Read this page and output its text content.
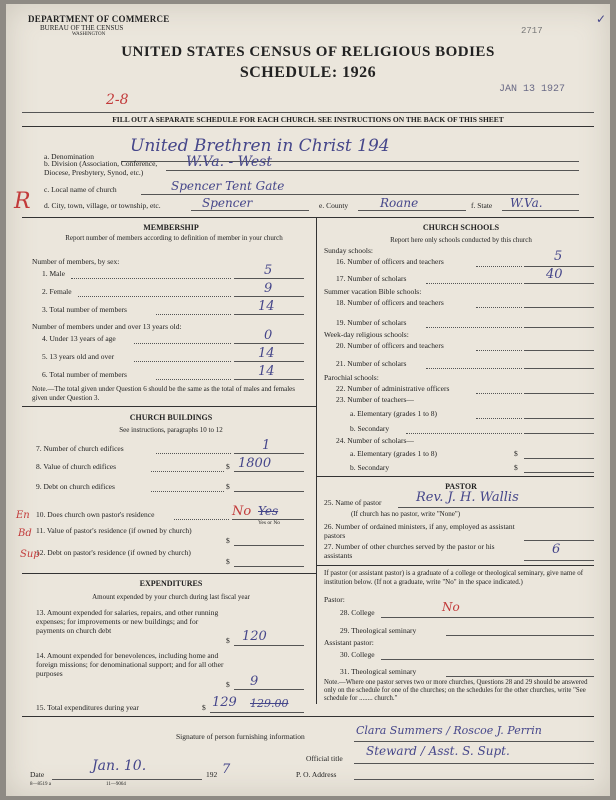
DEPARTMENT OF COMMERCE
BUREAU OF THE CENSUS
WASHINGTON	2717
UNITED STATES CENSUS OF RELIGIOUS BODIES
SCHEDULE: 1926
JAN 13 1927
2-8
R
✓
FILL OUT A SEPARATE SCHEDULE FOR EACH CHURCH. SEE INSTRUCTIONS ON THE BACK OF THIS SHEET
a. Denomination
United Brethren in Christ 194
b. Division (Association, Conference, Diocese, Presbytery, Synod, etc.)
W.Va. - West
c. Local name of church	Spencer Tent Gate
d. City, town, village, or township, etc.	Spencer	e. County	Roane	f. State W.Va.
MEMBERSHIP
Report number of members according to definition of member in your church
Number of members, by sex:
1. Male	5
2. Female	9
3. Total number of members	14
Number of members under and over 13 years old:
4. Under 13 years of age	0
5. 13 years old and over	14
6. Total number of members	14
Note.—The total given under Question 6 should be the same as the total of males and females given under Question 3.
CHURCH BUILDINGS
See instructions, paragraphs 10 to 12
7. Number of church edifices	1
8. Value of church edifices	$ 1800
9. Debt on church edifices	$
10. Does church own pastor's residence	No Yes
Yes or No
11. Value of pastor's residence (if owned by church)
$
12. Debt on pastor's residence (if owned by church)
$
En
Bd
Sup
EXPENDITURES
Amount expended by your church during last fiscal year
13. Amount expended for salaries, repairs, and other running expenses; for improvements or new buildings; and for payments on church debt
$ 120
14. Amount expended for benevolences, including home and foreign missions; for denominational support; and for all other purposes
$ 9
15. Total expenditures during year	$ 129 129.00
CHURCH SCHOOLS
Report here only schools conducted by this church
Sunday schools:
16. Number of officers and teachers	5
17. Number of scholars	40
Summer vacation Bible schools:
18. Number of officers and teachers
19. Number of scholars
Week-day religious schools:
20. Number of officers and teachers
21. Number of scholars
Parochial schools:
22. Number of administrative officers
23. Number of teachers—
a. Elementary (grades 1 to 8)
b. Secondary
24. Number of scholars—
a. Elementary (grades 1 to 8)	$
b. Secondary	$
PASTOR
25. Name of pastor	Rev. J. H. Wallis
(If church has no pastor, write "None")
26. Number of ordained ministers, if any, employed as assistant pastors
27. Number of other churches served by the pastor or his assistants	6
If pastor (or assistant pastor) is a graduate of a college or theological seminary, give name of institution below. (If not a graduate, write "No" in the space indicated.)
Pastor:
28. College	No
29. Theological seminary
Assistant pastor:
30. College
31. Theological seminary
Note.—Where one pastor serves two or more churches, Questions 28 and 29 should be answered only on the schedule for one of the churches; on the schedules for the other churches, write "See schedule for ........ church."
Signature of person furnishing information	Clara Summers / Roscoe J. Perrin
Official title
Steward / Asst. S. Supt.
Date
Jan. 10.
192 7	P. O. Address
8—8519 a	11—9064
